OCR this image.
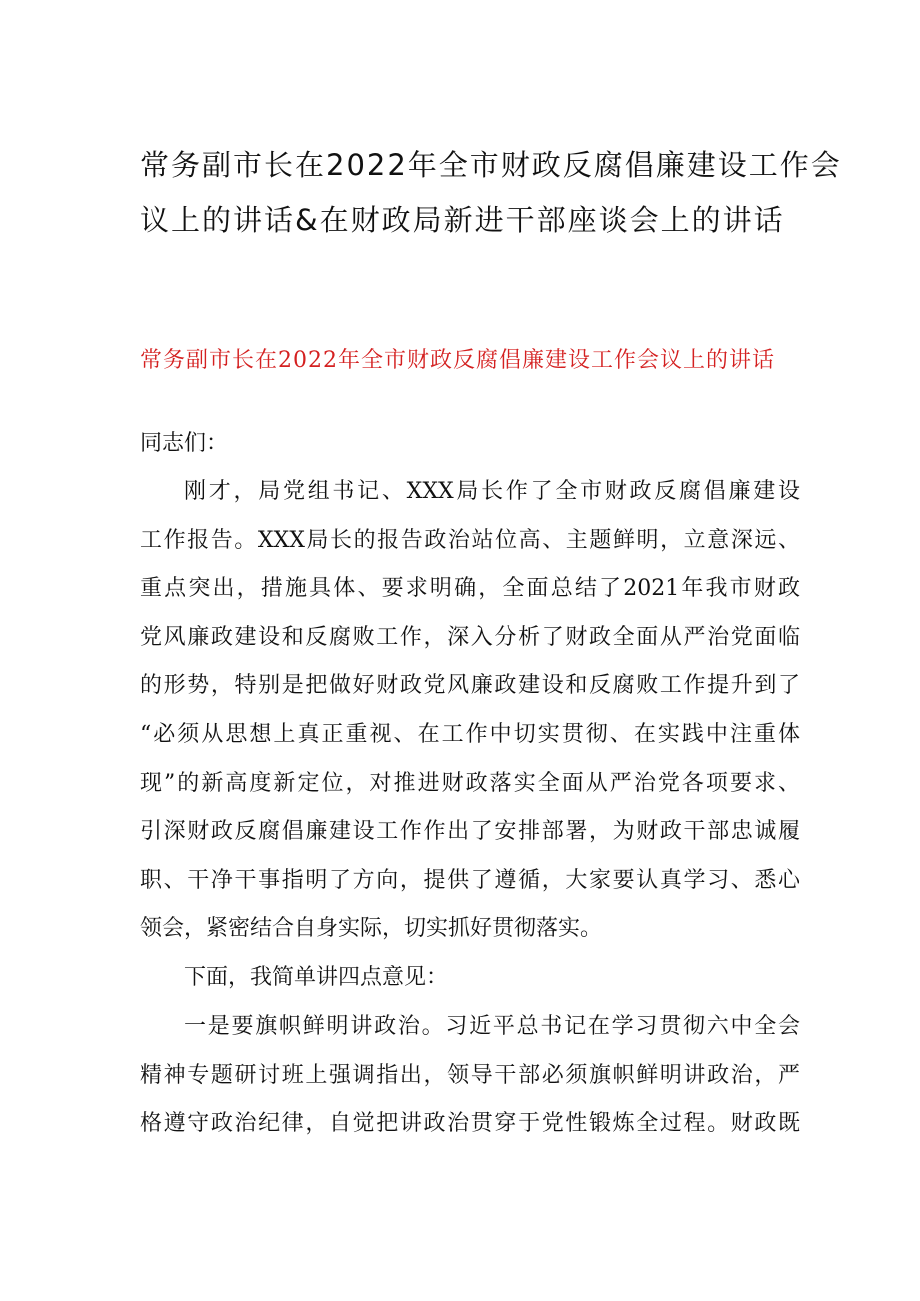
常务副市长在2022年全市财政反腐倡廉建设工作会
议上的讲话&在财政局新进干部座谈会上的讲话
常务副市长在2022年全市财政反腐倡廉建设工作会议上的讲话
同志们：
刚才，局党组书记、XXX局长作了全市财政反腐倡廉建设
工作报告。XXX局长的报告政治站位高、主题鲜明，立意深远、
重点突出，措施具体、要求明确，全面总结了2021年我市财政
党风廉政建设和反腐败工作，深入分析了财政全面从严治党面临
的形势，特别是把做好财政党风廉政建设和反腐败工作提升到了
“必须从思想上真正重视、在工作中切实贯彻、在实践中注重体
现”的新高度新定位，对推进财政落实全面从严治党各项要求、
引深财政反腐倡廉建设工作作出了安排部署，为财政干部忠诚履
职、干净干事指明了方向，提供了遵循，大家要认真学习、悉心
领会，紧密结合自身实际，切实抓好贯彻落实。
下面，我简单讲四点意见：
一是要旗帜鲜明讲政治。习近平总书记在学习贯彻六中全会
精神专题研讨班上强调指出，领导干部必须旗帜鲜明讲政治，严
格遵守政治纪律，自觉把讲政治贯穿于党性锻炼全过程。财政既
